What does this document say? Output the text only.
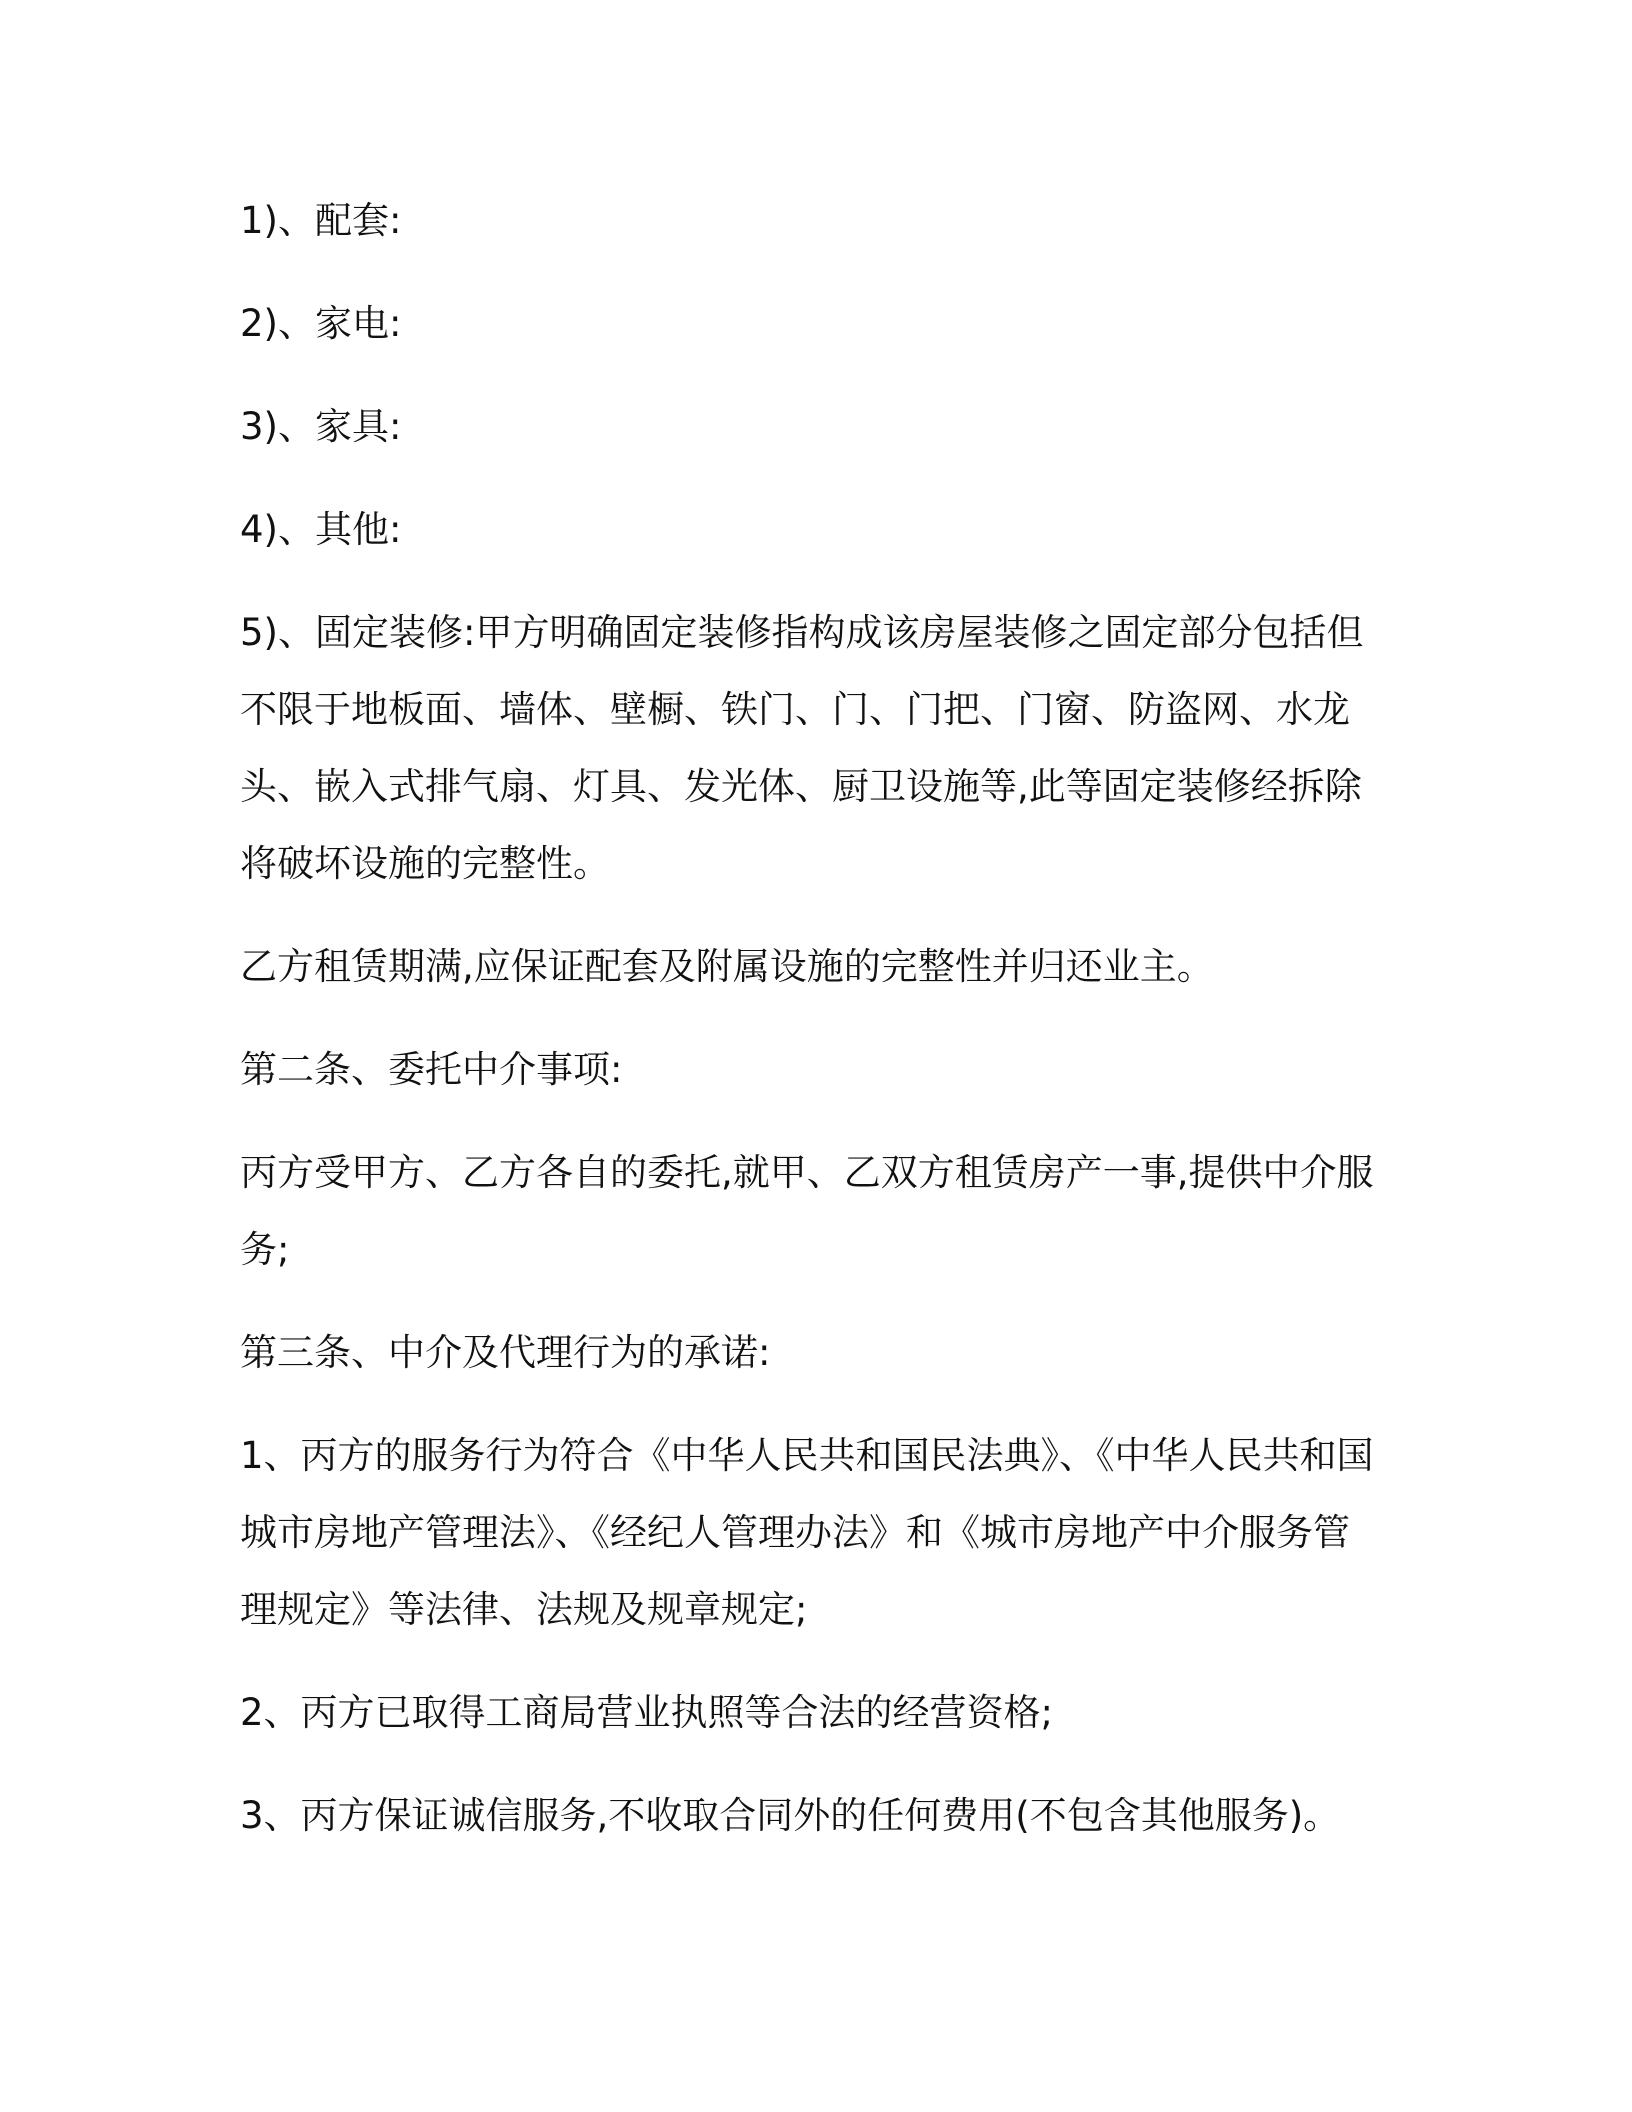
1)、配套:

2)、家电:

3)、家具:

4)、其他:

5)、固定装修:甲方明确固定装修指构成该房屋装修之固定部分包括但不限于地板面、墙体、壁橱、铁门、门、门把、门窗、防盗网、水龙头、嵌入式排气扇、灯具、发光体、厨卫设施等,此等固定装修经拆除将破坏设施的完整性。

乙方租赁期满,应保证配套及附属设施的完整性并归还业主。

第二条、委托中介事项:

丙方受甲方、乙方各自的委托,就甲、乙双方租赁房产一事,提供中介服务;

第三条、中介及代理行为的承诺:

1、丙方的服务行为符合《中华人民共和国民法典》、《中华人民共和国城市房地产管理法》、《经纪人管理办法》和《城市房地产中介服务管理规定》等法律、法规及规章规定;

2、丙方已取得工商局营业执照等合法的经营资格;

3、丙方保证诚信服务,不收取合同外的任何费用(不包含其他服务)。
